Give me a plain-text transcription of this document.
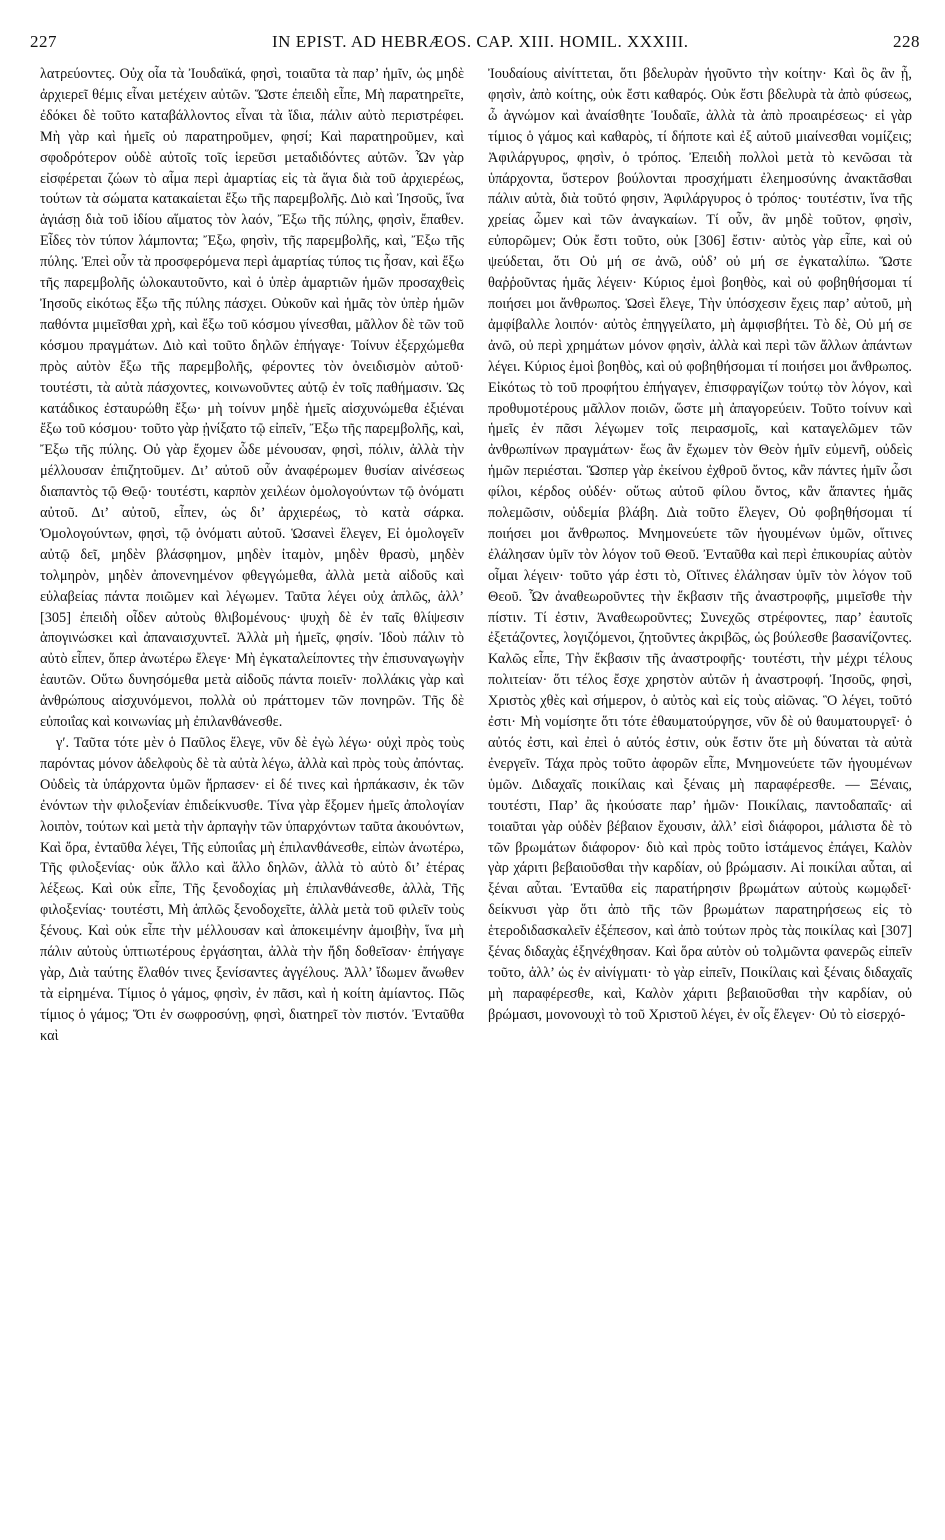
227	IN EPIST. AD HEBRÆOS. CAP. XIII. HOMIL. XXXIII.	228

λατρεύοντες. Οὐχ οἷα τὰ Ἰουδαϊκά, φησὶ, τοιαῦτα τὰ παρ’ ἡμῖν, ὡς μηδὲ ἀρχιερεῖ θέμις εἶναι μετέχειν αὐτῶν. Ὥστε ἐπειδὴ εἶπε, Μὴ παρατηρεῖτε, ἐδόκει δὲ τοῦτο καταβάλλοντος εἶναι τὰ ἴδια, πάλιν αὐτὸ περιστρέφει. Μὴ γὰρ καὶ ἡμεῖς οὐ παρατηροῦμεν, φησί; Καὶ παρατηροῦμεν, καὶ σφοδρότερον οὐδὲ αὐτοῖς τοῖς ἱερεῦσι μεταδιδόντες αὐτῶν. Ὧν γὰρ εἰσφέρεται ζώων τὸ αἷμα περὶ ἁμαρτίας εἰς τὰ ἅγια διὰ τοῦ ἀρχιερέως, τούτων τὰ σώματα κατακαίεται ἔξω τῆς παρεμβολῆς. Διὸ καὶ Ἰησοῦς, ἵνα ἁγιάσῃ διὰ τοῦ ἰδίου αἵματος τὸν λαόν, Ἔξω τῆς πύλης, φησὶν, ἔπαθεν. Εἶδες τὸν τύπον λάμποντα; Ἔξω, φησὶν, τῆς παρεμβολῆς, καὶ, Ἔξω τῆς πύλης. Ἐπεὶ οὖν τὰ προσφερόμενα περὶ ἁμαρτίας τύπος τις ἦσαν, καὶ ἔξω τῆς παρεμβολῆς ὡλοκαυτοῦντο, καὶ ὁ ὑπὲρ ἁμαρτιῶν ἡμῶν προσαχθεὶς Ἰησοῦς εἰκότως ἔξω τῆς πύλης πάσχει. Οὐκοῦν καὶ ἡμᾶς τὸν ὑπὲρ ἡμῶν παθόντα μιμεῖσθαι χρὴ, καὶ ἔξω τοῦ κόσμου γίνεσθαι, μᾶλλον δὲ τῶν τοῦ κόσμου πραγμάτων. Διὸ καὶ τοῦτο δηλῶν ἐπήγαγε· Τοίνυν ἐξερχώμεθα πρὸς αὐτὸν ἔξω τῆς παρεμβολῆς, φέροντες τὸν ὀνειδισμὸν αὐτοῦ· τουτέστι, τὰ αὐτὰ πάσχοντες, κοινωνοῦντες αὐτῷ ἐν τοῖς παθήμασιν. Ὡς κατάδικος ἐσταυρώθη ἔξω· μὴ τοίνυν μηδὲ ἡμεῖς αἰσχυνώμεθα ἐξιέναι ἔξω τοῦ κόσμου· τοῦτο γὰρ ᾐνίξατο τῷ εἰπεῖν, Ἔξω τῆς παρεμβολῆς, καὶ, Ἔξω τῆς πύλης. Οὐ γὰρ ἔχομεν ὧδε μένουσαν, φησὶ, πόλιν, ἀλλὰ τὴν μέλλουσαν ἐπιζητοῦμεν. Δι’ αὐτοῦ οὖν ἀναφέρωμεν θυσίαν αἰνέσεως διαπαντὸς τῷ Θεῷ· τουτέστι, καρπὸν χειλέων ὁμολογούντων τῷ ὀνόματι αὐτοῦ. Δι’ αὐτοῦ, εἶπεν, ὡς δι’ ἀρχιερέως, τὸ κατὰ σάρκα. Ὁμολογούντων, φησὶ, τῷ ὀνόματι αὐτοῦ. Ὡσανεὶ ἔλεγεν, Εἰ ὁμολογεῖν αὐτῷ δεῖ, μηδὲν βλάσφημον, μηδὲν ἰταμὸν, μηδὲν θρασὺ, μηδὲν τολμηρὸν, μηδὲν ἀπονενημένον φθεγγώμεθα, ἀλλὰ μετὰ αἰδοῦς καὶ εὐλαβείας πάντα ποιῶμεν καὶ λέγωμεν. Ταῦτα λέγει οὐχ ἁπλῶς, ἀλλ’ [305] ἐπειδὴ οἶδεν αὐτοὺς θλιβομένους· ψυχὴ δὲ ἐν ταῖς θλίψεσιν ἀπογινώσκει καὶ ἀπαναισχυντεῖ. Ἀλλὰ μὴ ἡμεῖς, φησίν. Ἰδοὺ πάλιν τὸ αὐτὸ εἶπεν, ὅπερ ἀνωτέρω ἔλεγε· Μὴ ἐγκαταλείποντες τὴν ἐπισυναγωγὴν ἑαυτῶν. Οὕτω δυνησόμεθα μετὰ αἰδοῦς πάντα ποιεῖν· πολλάκις γὰρ καὶ ἀνθρώπους αἰσχυνόμενοι, πολλὰ οὐ πράττομεν τῶν πονηρῶν. Τῆς δὲ εὐποιΐας καὶ κοινωνίας μὴ ἐπιλανθάνεσθε.

γʹ. Ταῦτα τότε μὲν ὁ Παῦλος ἔλεγε, νῦν δὲ ἐγὼ λέγω· οὐχὶ πρὸς τοὺς παρόντας μόνον ἀδελφοὺς δὲ τὰ αὐτὰ λέγω, ἀλλὰ καὶ πρὸς τοὺς ἀπόντας. Οὐδεὶς τὰ ὑπάρχοντα ὑμῶν ἥρπασεν· εἰ δέ τινες καὶ ἡρπάκασιν, ἐκ τῶν ἐνόντων τὴν φιλοξενίαν ἐπιδείκνυσθε. Τίνα γὰρ ἕξομεν ἡμεῖς ἀπολογίαν λοιπὸν, τούτων καὶ μετὰ τὴν ἁρπαγὴν τῶν ὑπαρχόντων ταῦτα ἀκουόντων, Καὶ ὅρα, ἐνταῦθα λέγει, Τῆς εὐποιΐας μὴ ἐπιλανθάνεσθε, εἰπὼν ἀνωτέρω, Τῆς φιλοξενίας· οὐκ ἄλλο καὶ ἄλλο δηλῶν, ἀλλὰ τὸ αὐτὸ δι’ ἑτέρας λέξεως. Καὶ οὐκ εἶπε, Τῆς ξενοδοχίας μὴ ἐπιλανθάνεσθε, ἀλλὰ, Τῆς φιλοξενίας· τουτέστι, Μὴ ἁπλῶς ξενοδοχεῖτε, ἀλλὰ μετὰ τοῦ φιλεῖν τοὺς ξένους. Καὶ οὐκ εἶπε τὴν μέλλουσαν καὶ ἀποκειμένην ἀμοιβὴν, ἵνα μὴ πάλιν αὐτοὺς ὑπτιωτέρους ἐργάσηται, ἀλλὰ τὴν ἤδη δοθεῖσαν· ἐπήγαγε γὰρ, Διὰ ταύτης ἔλαθόν τινες ξενίσαντες ἀγγέλους. Ἀλλ’ ἴδωμεν ἄνωθεν τὰ εἰρημένα. Τίμιος ὁ γάμος, φησὶν, ἐν πᾶσι, καὶ ἡ κοίτη ἀμίαντος. Πῶς τίμιος ὁ γάμος; Ὅτι ἐν σωφροσύνῃ, φησὶ, διατηρεῖ τὸν πιστόν. Ἐνταῦθα καὶ

Ἰουδαίους αἰνίττεται, ὅτι βδελυρὰν ἡγοῦντο τὴν κοίτην· Καὶ ὃς ἂν ᾖ, φησὶν, ἀπὸ κοίτης, οὐκ ἔστι καθαρός. Οὐκ ἔστι βδελυρὰ τὰ ἀπὸ φύσεως, ὦ ἀγνώμον καὶ ἀναίσθητε Ἰουδαῖε, ἀλλὰ τὰ ἀπὸ προαιρέσεως· εἰ γὰρ τίμιος ὁ γάμος καὶ καθαρὸς, τί δήποτε καὶ ἐξ αὐτοῦ μιαίνεσθαι νομίζεις; Ἀφιλάργυρος, φησὶν, ὁ τρόπος. Ἐπειδὴ πολλοὶ μετὰ τὸ κενῶσαι τὰ ὑπάρχοντα, ὕστερον βούλονται προσχήματι ἐλεημοσύνης ἀνακτᾶσθαι πάλιν αὐτὰ, διὰ τοῦτό φησιν, Ἀφιλάργυρος ὁ τρόπος· τουτέστιν, ἵνα τῆς χρείας ὦμεν καὶ τῶν ἀναγκαίων. Τί οὖν, ἂν μηδὲ τοῦτον, φησὶν, εὐπορῶμεν; Οὐκ ἔστι τοῦτο, οὐκ [306] ἔστιν· αὐτὸς γὰρ εἶπε, καὶ οὐ ψεύδεται, ὅτι Οὐ μή σε ἀνῶ, οὐδ’ οὐ μή σε ἐγκαταλίπω. Ὥστε θαῤῥοῦντας ἡμᾶς λέγειν· Κύριος ἐμοὶ βοηθὸς, καὶ οὐ φοβηθήσομαι τί ποιήσει μοι ἄνθρωπος. Ὡσεὶ ἔλεγε, Τὴν ὑπόσχεσιν ἔχεις παρ’ αὐτοῦ, μὴ ἀμφίβαλλε λοιπόν· αὐτὸς ἐπηγγείλατο, μὴ ἀμφισβήτει. Τὸ δὲ, Οὐ μή σε ἀνῶ, οὐ περὶ χρημάτων μόνον φησὶν, ἀλλὰ καὶ περὶ τῶν ἄλλων ἁπάντων λέγει. Κύριος ἐμοὶ βοηθὸς, καὶ οὐ φοβηθήσομαι τί ποιήσει μοι ἄνθρωπος. Εἰκότως τὸ τοῦ προφήτου ἐπήγαγεν, ἐπισφραγίζων τούτῳ τὸν λόγον, καὶ προθυμοτέρους μᾶλλον ποιῶν, ὥστε μὴ ἀπαγορεύειν. Τοῦτο τοίνυν καὶ ἡμεῖς ἐν πᾶσι λέγωμεν τοῖς πειρασμοῖς, καὶ καταγελῶμεν τῶν ἀνθρωπίνων πραγμάτων· ἕως ἂν ἔχωμεν τὸν Θεὸν ἡμῖν εὐμενῆ, οὐδεὶς ἡμῶν περιέσται. Ὥσπερ γὰρ ἐκείνου ἐχθροῦ ὄντος, κἂν πάντες ἡμῖν ὦσι φίλοι, κέρδος οὐδέν· οὕτως αὐτοῦ φίλου ὄντος, κἂν ἅπαντες ἡμᾶς πολεμῶσιν, οὐδεμία βλάβη. Διὰ τοῦτο ἔλεγεν, Οὐ φοβηθήσομαι τί ποιήσει μοι ἄνθρωπος. Μνημονεύετε τῶν ἡγουμένων ὑμῶν, οἵτινες ἐλάλησαν ὑμῖν τὸν λόγον τοῦ Θεοῦ. Ἐνταῦθα καὶ περὶ ἐπικουρίας αὐτὸν οἶμαι λέγειν· τοῦτο γάρ ἐστι τὸ, Οἵτινες ἐλάλησαν ὑμῖν τὸν λόγον τοῦ Θεοῦ. Ὧν ἀναθεωροῦντες τὴν ἔκβασιν τῆς ἀναστροφῆς, μιμεῖσθε τὴν πίστιν. Τί ἐστιν, Ἀναθεωροῦντες; Συνεχῶς στρέφοντες, παρ’ ἑαυτοῖς ἐξετάζοντες, λογιζόμενοι, ζητοῦντες ἀκριβῶς, ὡς βούλεσθε βασανίζοντες. Καλῶς εἶπε, Τὴν ἔκβασιν τῆς ἀναστροφῆς· τουτέστι, τὴν μέχρι τέλους πολιτείαν· ὅτι τέλος ἔσχε χρηστὸν αὐτῶν ἡ ἀναστροφή. Ἰησοῦς, φησὶ, Χριστὸς χθὲς καὶ σήμερον, ὁ αὐτὸς καὶ εἰς τοὺς αἰῶνας. Ὃ λέγει, τοῦτό ἐστι· Μὴ νομίσητε ὅτι τότε ἐθαυματούργησε, νῦν δὲ οὐ θαυματουργεῖ· ὁ αὐτός ἐστι, καὶ ἐπεὶ ὁ αὐτός ἐστιν, οὐκ ἔστιν ὅτε μὴ δύναται τὰ αὐτὰ ἐνεργεῖν. Τάχα πρὸς τοῦτο ἀφορῶν εἶπε, Μνημονεύετε τῶν ἡγουμένων ὑμῶν. Διδαχαῖς ποικίλαις καὶ ξέναις μὴ παραφέρεσθε. — Ξέναις, τουτέστι, Παρ’ ἃς ἠκούσατε παρ’ ἡμῶν· Ποικίλαις, παντοδαπαῖς· αἱ τοιαῦται γὰρ οὐδὲν βέβαιον ἔχουσιν, ἀλλ’ εἰσὶ διάφοροι, μάλιστα δὲ τὸ τῶν βρωμάτων διάφορον· διὸ καὶ πρὸς τοῦτο ἱστάμενος ἐπάγει, Καλὸν γὰρ χάριτι βεβαιοῦσθαι τὴν καρδίαν, οὐ βρώμασιν. Αἱ ποικίλαι αὗται, αἱ ξέναι αὗται. Ἐνταῦθα εἰς παρατήρησιν βρωμάτων αὐτοὺς κωμῳδεῖ· δείκνυσι γὰρ ὅτι ἀπὸ τῆς τῶν βρωμάτων παρατηρήσεως εἰς τὸ ἑτεροδιδασκαλεῖν ἐξέπεσον, καὶ ἀπὸ τούτων πρὸς τὰς ποικίλας καὶ [307] ξένας διδαχὰς ἐξηνέχθησαν. Καὶ ὅρα αὐτὸν οὐ τολμῶντα φανερῶς εἰπεῖν τοῦτο, ἀλλ’ ὡς ἐν αἰνίγματι· τὸ γὰρ εἰπεῖν, Ποικίλαις καὶ ξέναις διδαχαῖς μὴ παραφέρεσθε, καὶ, Καλὸν χάριτι βεβαιοῦσθαι τὴν καρδίαν, οὐ βρώμασι, μονονουχὶ τὸ τοῦ Χριστοῦ λέγει, ἐν οἷς ἔλεγεν· Οὐ τὸ εἰσερχό-
